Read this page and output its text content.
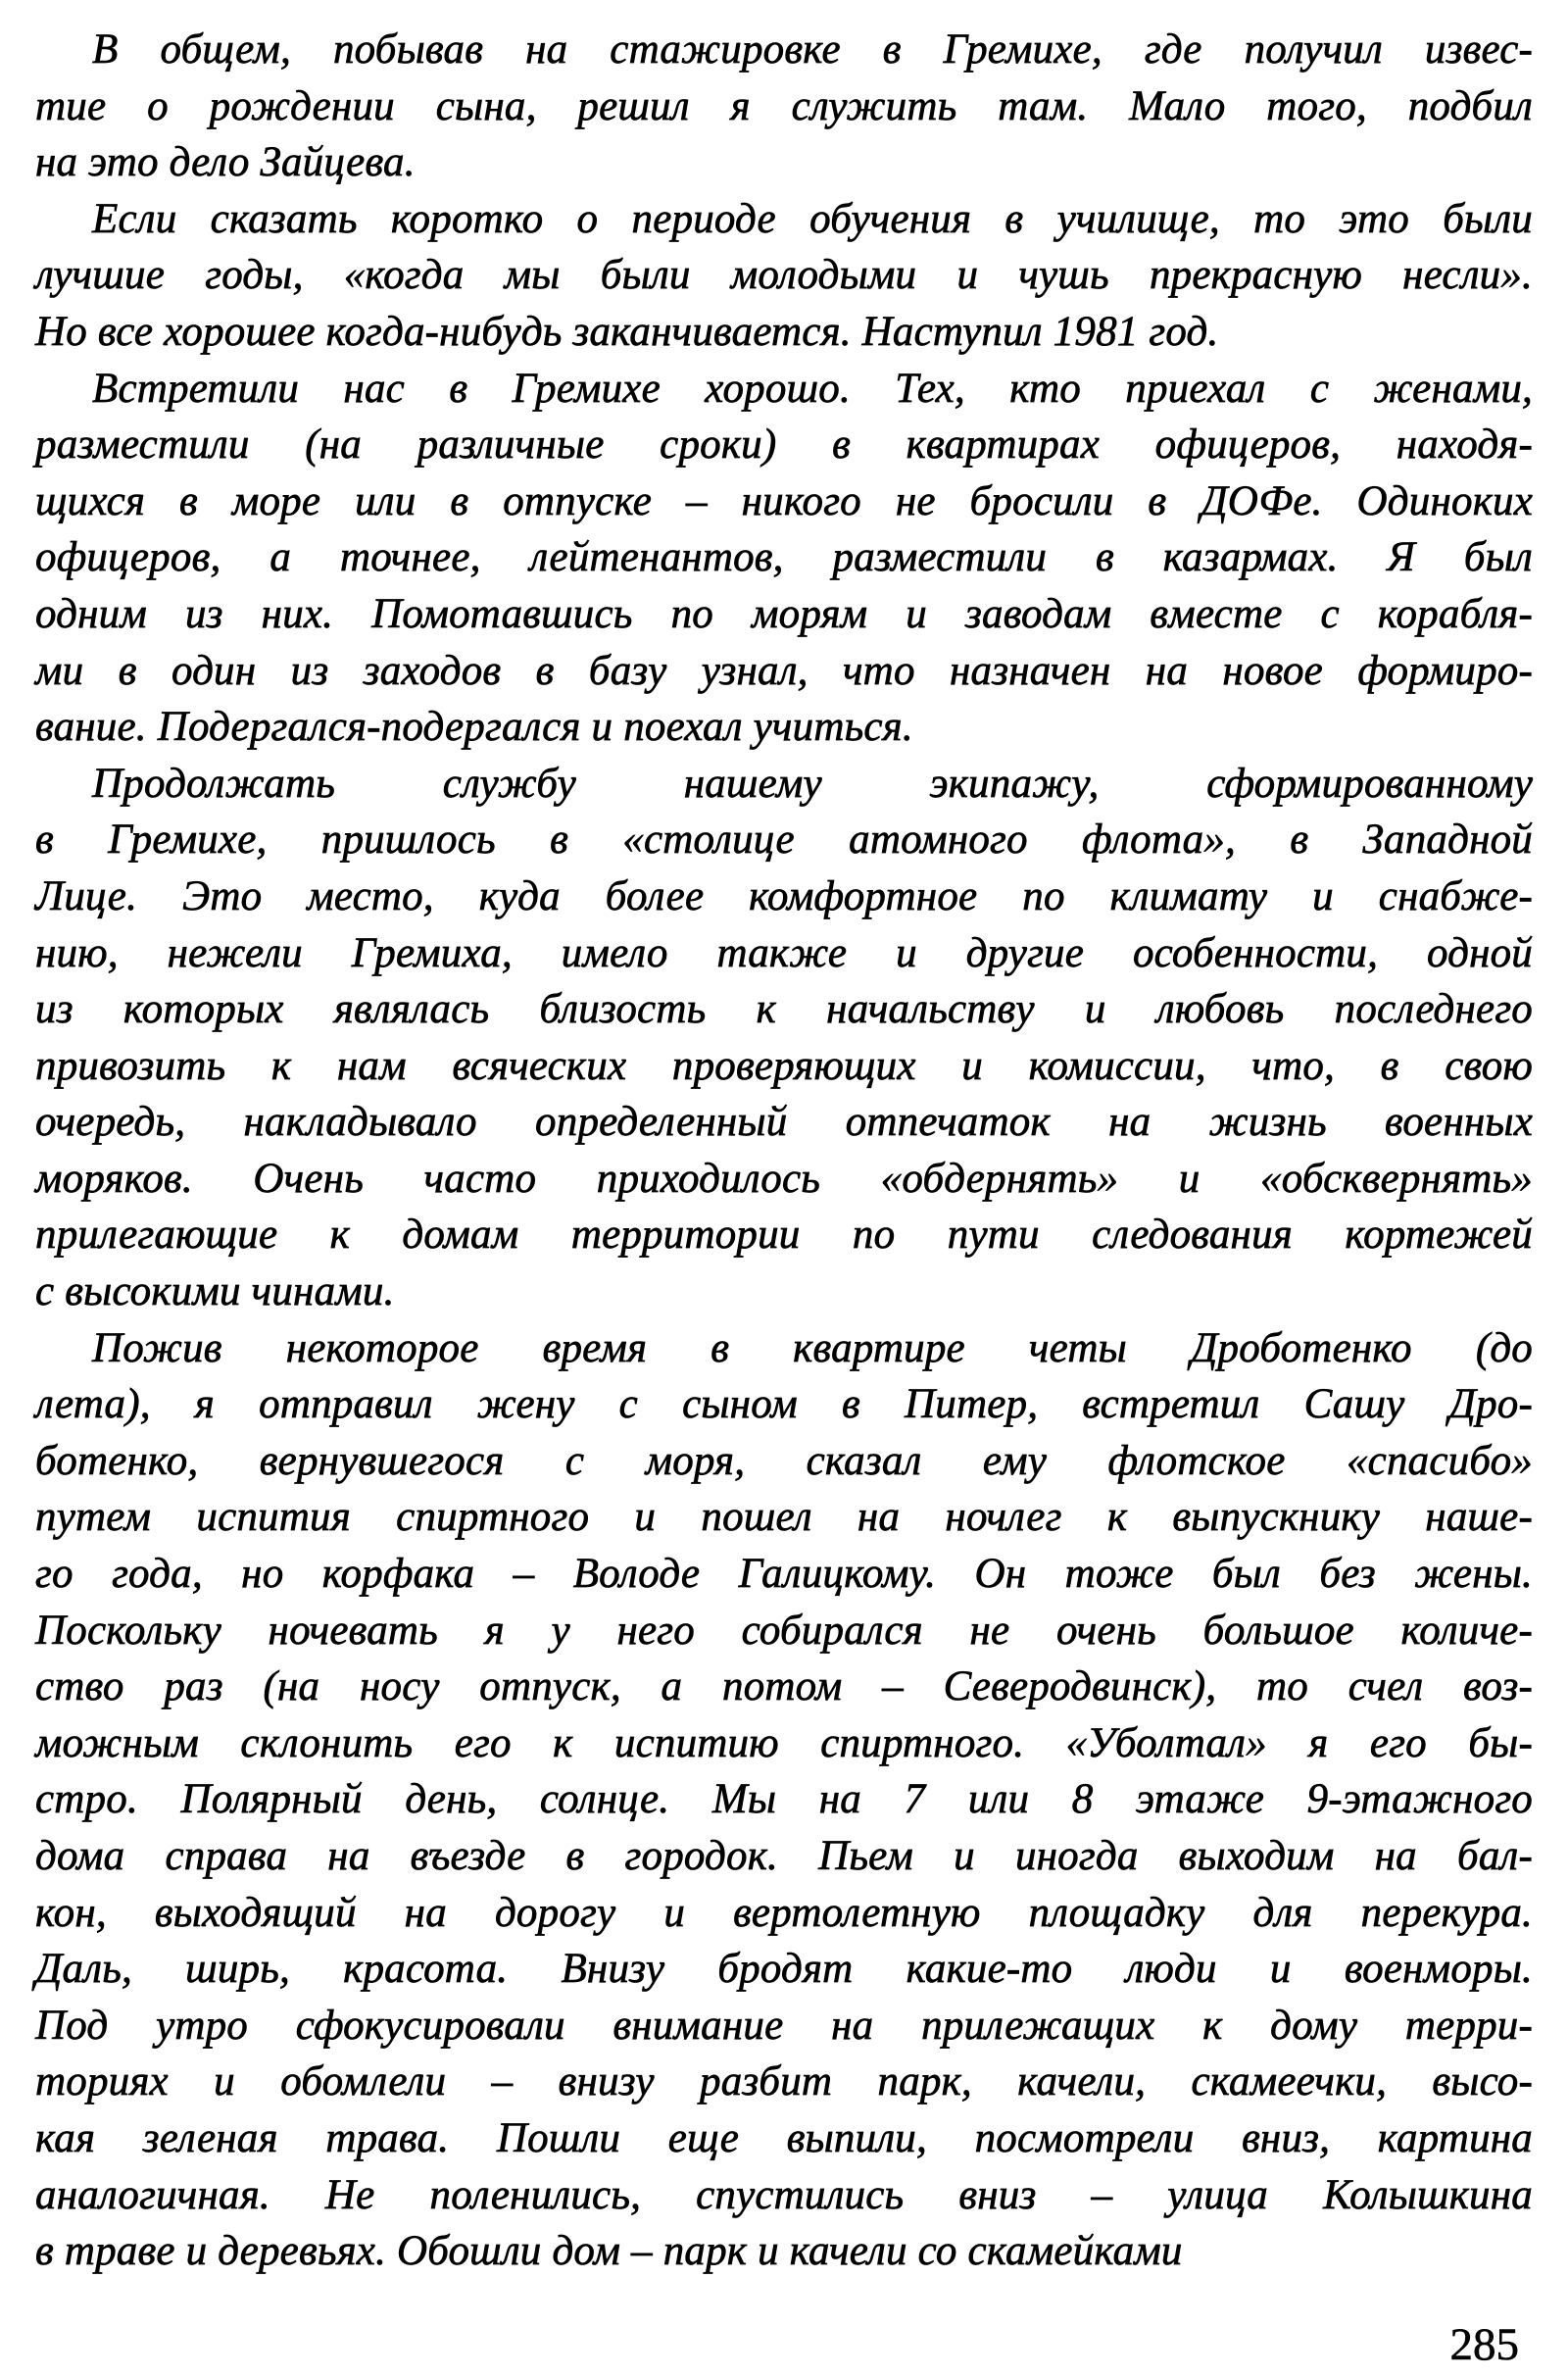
В общем, побывав на стажировке в Гремихе, где получил извес-
тие о рождении сына, решил я служить там. Мало того, подбил
на это дело Зайцева.
Если сказать коротко о периоде обучения в училище, то это были
лучшие годы, «когда мы были молодыми и чушь прекрасную несли».
Но все хорошее когда-нибудь заканчивается. Наступил 1981 год.
Встретили нас в Гремихе хорошо. Тех, кто приехал с женами,
разместили (на различные сроки) в квартирах офицеров, находя-
щихся в море или в отпуске – никого не бросили в ДОФе. Одиноких
офицеров, а точнее, лейтенантов, разместили в казармах. Я был
одним из них. Помотавшись по морям и заводам вместе с корабля-
ми в один из заходов в базу узнал, что назначен на новое формиро-
вание. Подергался-подергался и поехал учиться.
Продолжать службу нашему экипажу, сформированному
в Гремихе, пришлось в «столице атомного флота», в Западной
Лице. Это место, куда более комфортное по климату и снабже-
нию, нежели Гремиха, имело также и другие особенности, одной
из которых являлась близость к начальству и любовь последнего
привозить к нам всяческих проверяющих и комиссии, что, в свою
очередь, накладывало определенный отпечаток на жизнь военных
моряков. Очень часто приходилось «обдернять» и «обсквернять»
прилегающие к домам территории по пути следования кортежей
с высокими чинами.
Пожив некоторое время в квартире четы Дроботенко (до
лета), я отправил жену с сыном в Питер, встретил Сашу Дро-
ботенко, вернувшегося с моря, сказал ему флотское «спасибо»
путем испития спиртного и пошел на ночлег к выпускнику наше-
го года, но корфака – Володе Галицкому. Он тоже был без жены.
Поскольку ночевать я у него собирался не очень большое количе-
ство раз (на носу отпуск, а потом – Северодвинск), то счел воз-
можным склонить его к испитию спиртного. «Уболтал» я его бы-
стро. Полярный день, солнце. Мы на 7 или 8 этаже 9-этажного
дома справа на въезде в городок. Пьем и иногда выходим на бал-
кон, выходящий на дорогу и вертолетную площадку для перекура.
Даль, ширь, красота. Внизу бродят какие-то люди и военморы.
Под утро сфокусировали внимание на прилежащих к дому терри-
ториях и обомлели – внизу разбит парк, качели, скамеечки, высо-
кая зеленая трава. Пошли еще выпили, посмотрели вниз, картина
аналогичная. Не поленились, спустились вниз – улица Колышкина
в траве и деревьях. Обошли дом – парк и качели со скамейками
285
